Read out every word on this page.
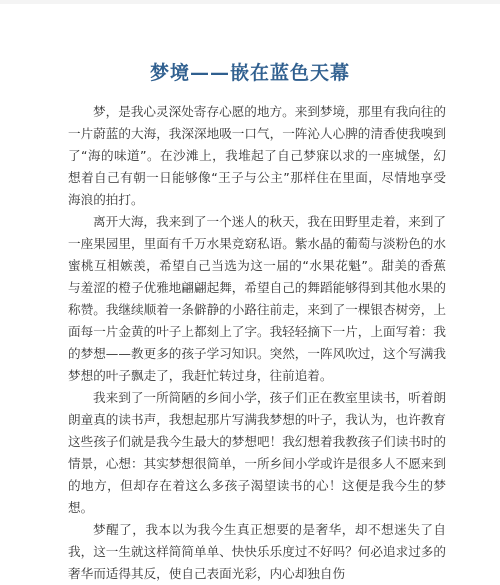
梦境——嵌在蓝色天幕

梦，是我心灵深处寄存心愿的地方。来到梦境，那里有我向往的一片蔚蓝的大海，我深深地吸一口气，一阵沁人心脾的清香使我嗅到了“海的味道”。在沙滩上，我堆起了自己梦寐以求的一座城堡，幻想着自己有朝一日能够像“王子与公主”那样住在里面，尽情地享受海浪的拍打。

离开大海，我来到了一个迷人的秋天，我在田野里走着，来到了一座果园里，里面有千万水果竞窈私语。紫水晶的葡萄与淡粉色的水蜜桃互相嫉羡，希望自己当选为这一届的“水果花魁”。甜美的香蕉与羞涩的橙子优雅地翩翩起舞，希望自己的舞蹈能够得到其他水果的称赞。我继续顺着一条僻静的小路往前走，来到了一棵银杏树旁，上面每一片金黄的叶子上都刻上了字。我轻轻摘下一片，上面写着：我的梦想——教更多的孩子学习知识。突然，一阵风吹过，这个写满我梦想的叶子飘走了，我赶忙转过身，往前追着。

我来到了一所简陋的乡间小学，孩子们正在教室里读书，听着朗朗童真的读书声，我想起那片写满我梦想的叶子，我认为，也许教育这些孩子们就是我今生最大的梦想吧！我幻想着我教孩子们读书时的情景，心想：其实梦想很简单，一所乡间小学或许是很多人不愿来到的地方，但却存在着这么多孩子渴望读书的心！这便是我今生的梦想。

梦醒了，我本以为我今生真正想要的是奢华，却不想迷失了自我，这一生就这样简简单单、快快乐乐度过不好吗？何必追求过多的奢华而适得其反，使自己表面光彩，内心却独自伤
